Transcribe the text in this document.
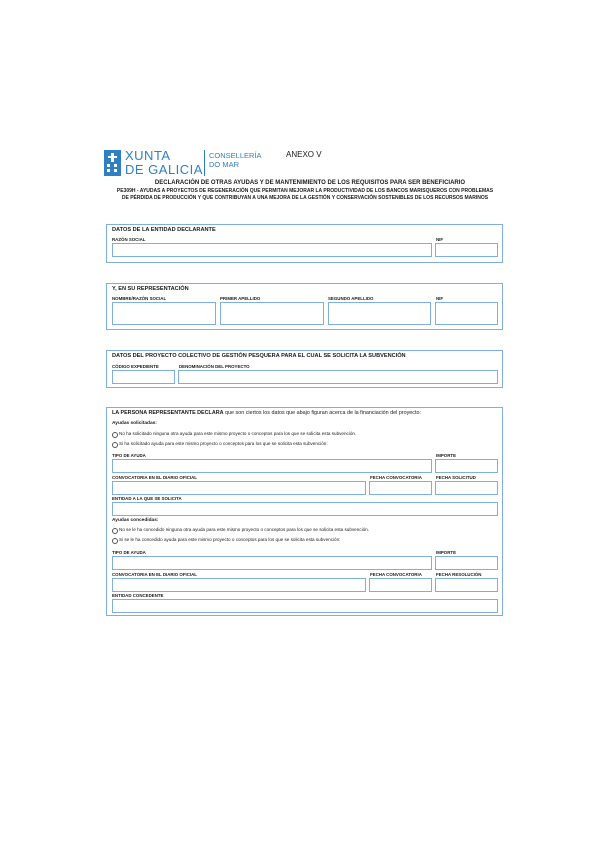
XUNTA
DE GALICIA
CONSELLERÍA
DO MAR
ANEXO V
DECLARACIÓN DE OTRAS AYUDAS Y DE MANTENIMIENTO DE LOS REQUISITOS PARA SER BENEFICIARIO
PE309H - AYUDAS A PROYECTOS DE REGENERACIÓN QUE PERMITAN MEJORAR LA PRODUCTIVIDAD DE LOS BANCOS MARISQUEROS CON PROBLEMAS
DE PÉRDIDA DE PRODUCCIÓN Y QUE CONTRIBUYAN A UNA MEJORA DE LA GESTIÓN Y CONSERVACIÓN SOSTENIBLES DE LOS RECURSOS MARINOS
DATOS DE LA ENTIDAD DECLARANTE
RAZÓN SOCIAL	NIF
Y, EN SU REPRESENTACIÓN
NOMBRE/RAZÓN SOCIAL	PRIMER APELLIDO	SEGUNDO APELLIDO	NIF
DATOS DEL PROYECTO COLECTIVO DE GESTIÓN PESQUERA PARA EL CUAL SE SOLICITA LA SUBVENCIÓN
CÓDIGO EXPEDIENTE	DENOMINACIÓN DEL PROYECTO
LA PERSONA REPRESENTANTE DECLARA que son ciertos los datos que abajo figuran acerca de la financiación del proyecto:
Ayudas solicitadas:
No ha solicitado ninguna otra ayuda para este mismo proyecto o conceptos para los que se solicita esta subvención.
Si ha solicitado ayuda para este mismo proyecto o conceptos para los que se solicita esta subvención:
TIPO DE AYUDA	IMPORTE
CONVOCATORIA EN EL DIARIO OFICIAL	FECHA CONVOCATORIA	FECHA SOLICITUD
ENTIDAD A LA QUE SE SOLICITA
Ayudas concedidas:
No se le ha concedido ninguna otra ayuda para este mismo proyecto o conceptos para los que se solicita esta subvención.
Si se le ha concedido ayuda para este mismo proyecto o conceptos para los que se solicita esta subvención:
TIPO DE AYUDA	IMPORTE
CONVOCATORIA EN EL DIARIO OFICIAL	FECHA CONVOCATORIA	FECHA RESOLUCIÓN
ENTIDAD CONCEDENTE
